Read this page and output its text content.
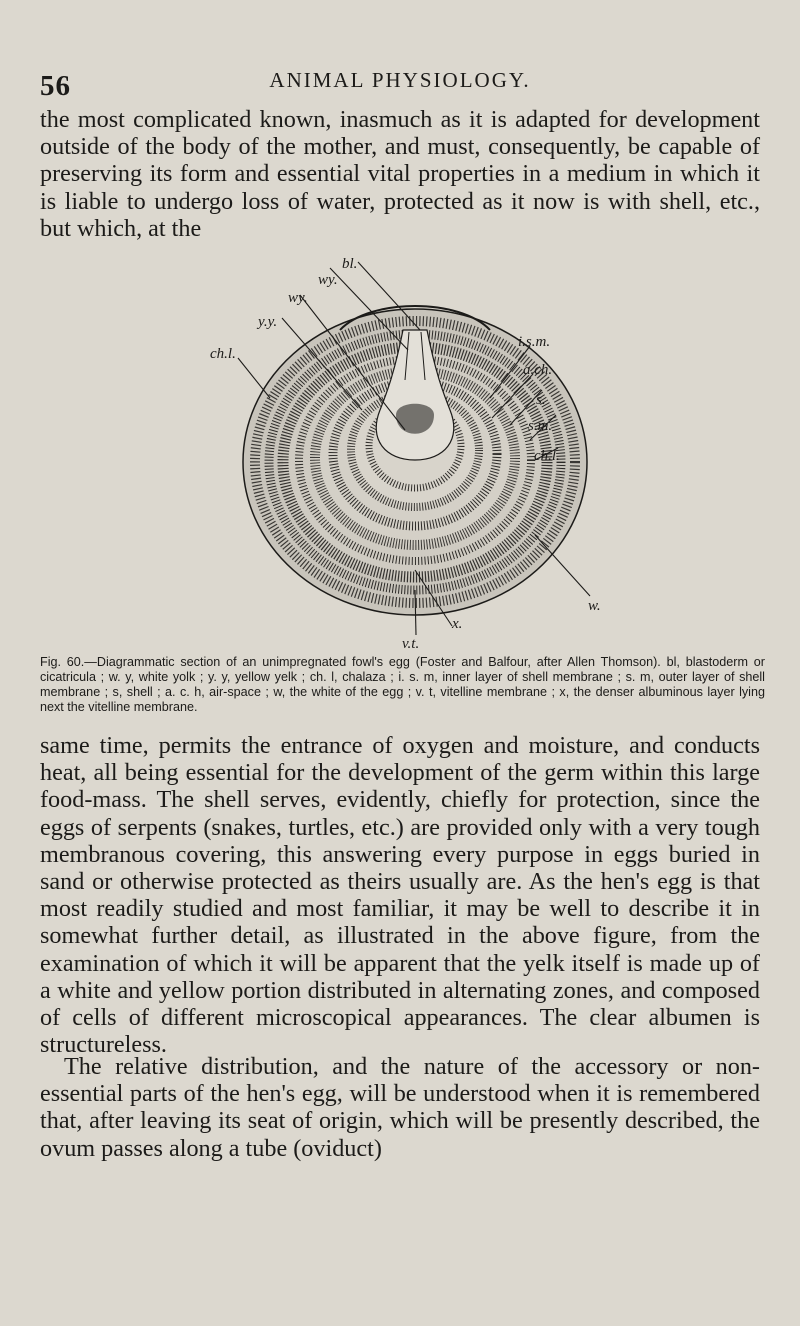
56	ANIMAL PHYSIOLOGY.

the most complicated known, inasmuch as it is adapted for development outside of the body of the mother, and must, consequently, be capable of preserving its form and essential vital properties in a medium in which it is liable to undergo loss of water, protected as it now is with shell, etc., but which, at the

bl.
wy.
wy.
y.y.
ch.l.
i.s.m.
a.ch.
s.
s.m.
ch.l.
w.
v.t.
x.
Fig. 60.—Diagrammatic section of an unimpregnated fowl's egg (Foster and Balfour, after Allen Thomson). bl, blastoderm or cicatricula ; w. y, white yolk ; y. y, yellow yelk ; ch. l, chalaza ; i. s. m, inner layer of shell membrane ; s. m, outer layer of shell membrane ; s, shell ; a. c. h, air-space ; w, the white of the egg ; v. t, vitelline membrane ; x, the denser albuminous layer lying next the vitelline membrane.

same time, permits the entrance of oxygen and moisture, and conducts heat, all being essential for the development of the germ within this large food-mass. The shell serves, evidently, chiefly for protection, since the eggs of serpents (snakes, turtles, etc.) are provided only with a very tough membranous covering, this answering every purpose in eggs buried in sand or otherwise protected as theirs usually are. As the hen's egg is that most readily studied and most familiar, it may be well to describe it in somewhat further detail, as illustrated in the above figure, from the examination of which it will be apparent that the yelk itself is made up of a white and yellow portion distributed in alternating zones, and composed of cells of different microscopical appearances. The clear albumen is structureless.

The relative distribution, and the nature of the accessory or non-essential parts of the hen's egg, will be understood when it is remembered that, after leaving its seat of origin, which will be presently described, the ovum passes along a tube (oviduct)
